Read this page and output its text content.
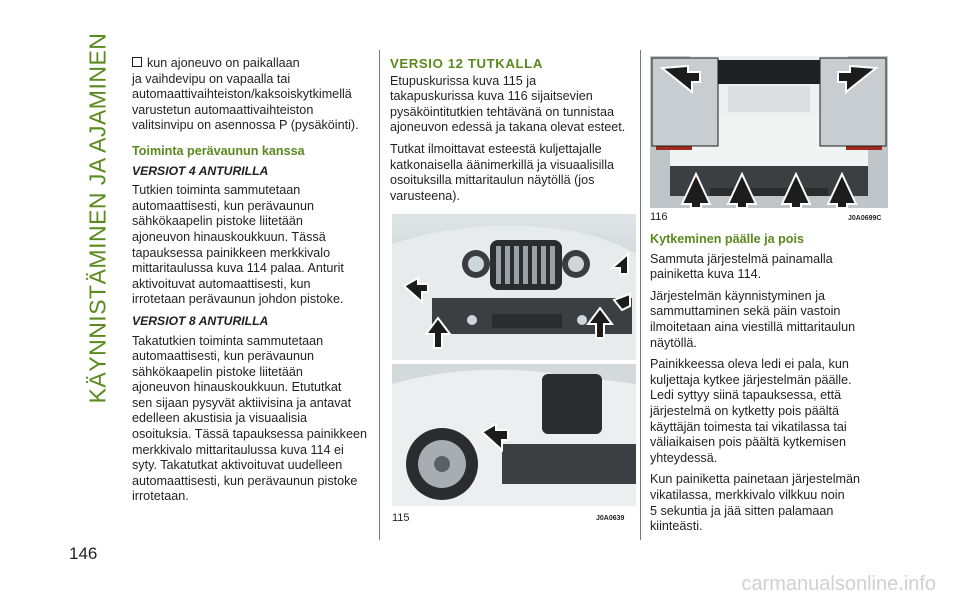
KÄYNNISTÄMINEN JA AJAMINEN
146

kun ajoneuvo on paikallaan
ja vaihdevipu on vapaalla tai
automaattivaihteiston/kaksoiskytkimellä
varustetun automaattivaihteiston
valitsinvipu on asennossa P (pysäköinti).

Toiminta perävaunun kanssa
VERSIOT 4 ANTURILLA

Tutkien toiminta sammutetaan
automaattisesti, kun perävaunun
sähkökaapelin pistoke liitetään
ajoneuvon hinauskoukkuun. Tässä
tapauksessa painikkeen merkkivalo
mittaritaulussa kuva 114 palaa. Anturit
aktivoituvat automaattisesti, kun
irrotetaan perävaunun johdon pistoke.

VERSIOT 8 ANTURILLA

Takatutkien toiminta sammutetaan
automaattisesti, kun perävaunun
sähkökaapelin pistoke liitetään
ajoneuvon hinauskoukkuun. Etututkat
sen sijaan pysyvät aktiivisina ja antavat
edelleen akustisia ja visuaalisia
osoituksia. Tässä tapauksessa painikkeen
merkkivalo mittaritaulussa kuva 114 ei
syty. Takatutkat aktivoituvat uudelleen
automaattisesti, kun perävaunun pistoke
irrotetaan.

VERSIO 12 TUTKALLA

Etupuskurissa kuva 115 ja
takapuskurissa kuva 116 sijaitsevien
pysäköintitutkien tehtävänä on tunnistaa
ajoneuvon edessä ja takana olevat esteet.

Tutkat ilmoittavat esteestä kuljettajalle
katkonaisella äänimerkillä ja visuaalisilla
osoituksilla mittaritaulun näytöllä (jos
varusteena).

115	J0A0639
116	J0A0699C
Kytkeminen päälle ja pois

Sammuta järjestelmä painamalla
painiketta kuva 114.

Järjestelmän käynnistyminen ja
sammuttaminen sekä päin vastoin
ilmoitetaan aina viestillä mittaritaulun
näytöllä.

Painikkeessa oleva ledi ei pala, kun
kuljettaja kytkee järjestelmän päälle.
Ledi syttyy siinä tapauksessa, että
järjestelmä on kytketty pois päältä
käyttäjän toimesta tai vikatilassa tai
väliaikaisen pois päältä kytkemisen
yhteydessä.

Kun painiketta painetaan järjestelmän
vikatilassa, merkkivalo vilkkuu noin
5 sekuntia ja jää sitten palamaan
kiinteästi.

carmanualsonline.info
